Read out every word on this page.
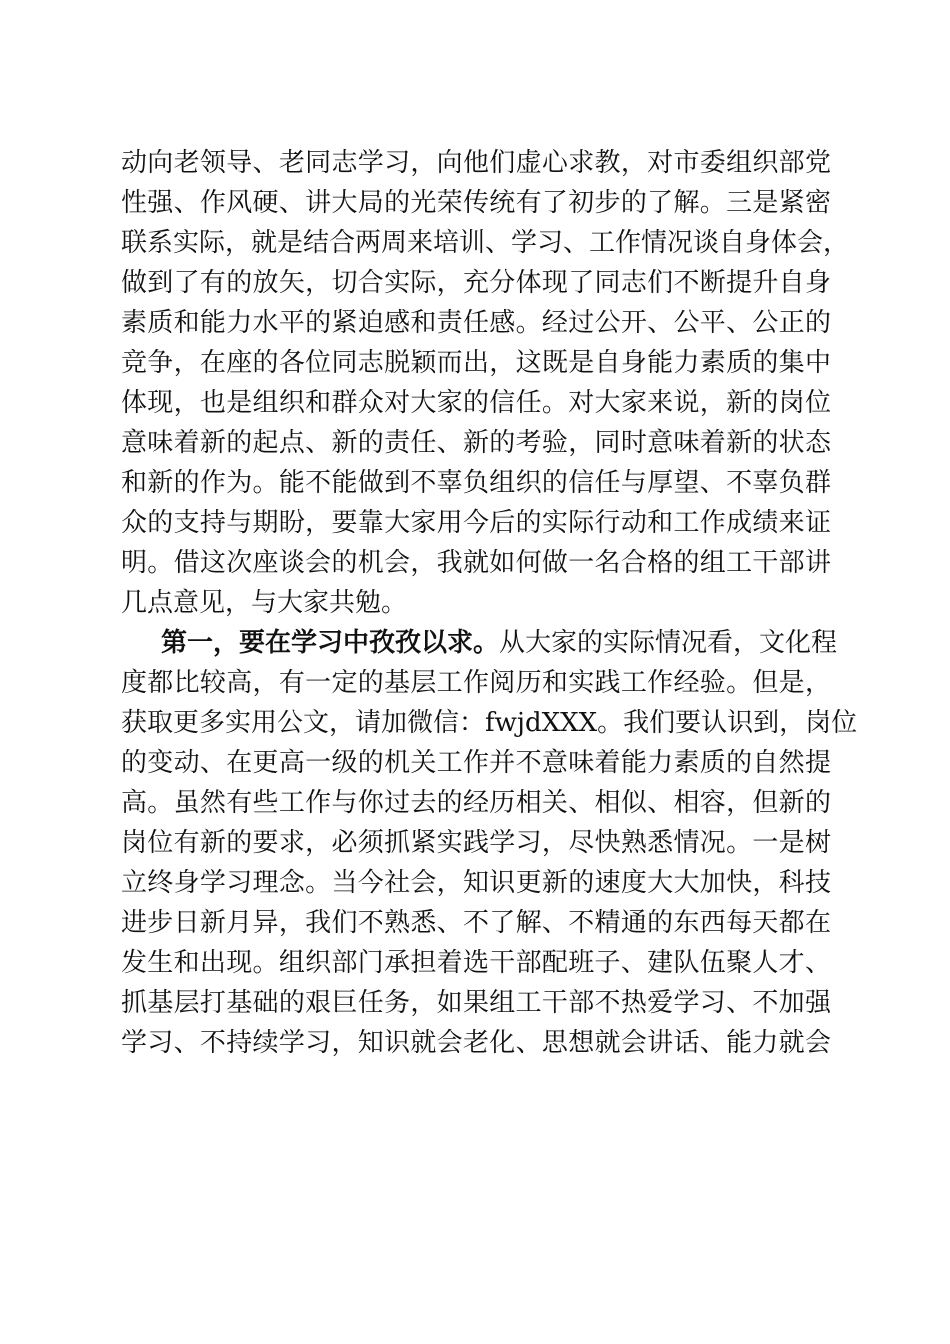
动向老领导、老同志学习，向他们虚心求教，对市委组织部党
性强、作风硬、讲大局的光荣传统有了初步的了解。三是紧密
联系实际，就是结合两周来培训、学习、工作情况谈自身体会，
做到了有的放矢，切合实际，充分体现了同志们不断提升自身
素质和能力水平的紧迫感和责任感。经过公开、公平、公正的
竞争，在座的各位同志脱颖而出，这既是自身能力素质的集中
体现，也是组织和群众对大家的信任。对大家来说，新的岗位
意味着新的起点、新的责任、新的考验，同时意味着新的状态
和新的作为。能不能做到不辜负组织的信任与厚望、不辜负群
众的支持与期盼，要靠大家用今后的实际行动和工作成绩来证
明。借这次座谈会的机会，我就如何做一名合格的组工干部讲
几点意见，与大家共勉。
第一，要在学习中孜孜以求。从大家的实际情况看，文化程
度都比较高，有一定的基层工作阅历和实践工作经验。但是，
获取更多实用公文，请加微信：fwjdXXX。我们要认识到，岗位
的变动、在更高一级的机关工作并不意味着能力素质的自然提
高。虽然有些工作与你过去的经历相关、相似、相容，但新的
岗位有新的要求，必须抓紧实践学习，尽快熟悉情况。一是树
立终身学习理念。当今社会，知识更新的速度大大加快，科技
进步日新月异，我们不熟悉、不了解、不精通的东西每天都在
发生和出现。组织部门承担着选干部配班子、建队伍聚人才、
抓基层打基础的艰巨任务，如果组工干部不热爱学习、不加强
学习、不持续学习，知识就会老化、思想就会讲话、能力就会
